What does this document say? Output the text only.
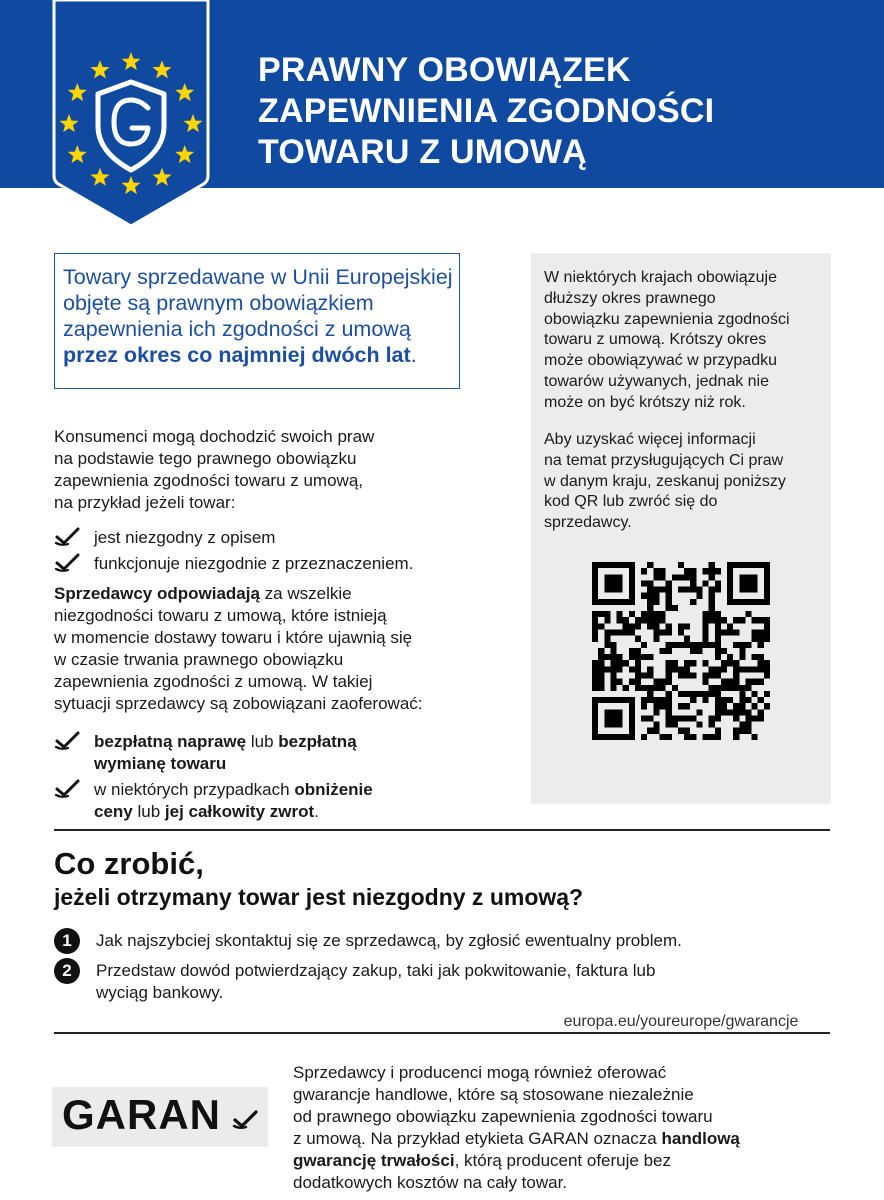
PRAWNY OBOWIĄZEK
ZAPEWNIENIA ZGODNOŚCI
TOWARU Z UMOWĄ
Towary sprzedawane w Unii Europejskiej objęte są prawnym obowiązkiem zapewnienia ich zgodności z umową przez okres co najmniej dwóch lat.
Konsumenci mogą dochodzić swoich praw
na podstawie tego prawnego obowiązku
zapewnienia zgodności towaru z umową,
na przykład jeżeli towar:
jest niezgodny z opisem
funkcjonuje niezgodnie z przeznaczeniem.
Sprzedawcy odpowiadają za wszelkie
niezgodności towaru z umową, które istnieją
w momencie dostawy towaru i które ujawnią się
w czasie trwania prawnego obowiązku
zapewnienia zgodności z umową. W takiej
sytuacji sprzedawcy są zobowiązani zaoferować:
bezpłatną naprawę lub bezpłatną
wymianę towaru
w niektórych przypadkach obniżenie
ceny lub jej całkowity zwrot.
W niektórych krajach obowiązuje
dłuższy okres prawnego
obowiązku zapewnienia zgodności
towaru z umową. Krótszy okres
może obowiązywać w przypadku
towarów używanych, jednak nie
może on być krótszy niż rok.
Aby uzyskać więcej informacji
na temat przysługujących Ci praw
w danym kraju, zeskanuj poniższy
kod QR lub zwróć się do
sprzedawcy.
europa.eu/youreurope/gwarancje
Co zrobić,
jeżeli otrzymany towar jest niezgodny z umową?
1	Jak najszybciej skontaktuj się ze sprzedawcą, by zgłosić ewentualny problem.
2	Przedstaw dowód potwierdzający zakup, taki jak pokwitowanie, faktura lub
wyciąg bankowy.
GARAN
Sprzedawcy i producenci mogą również oferować
gwarancje handlowe, które są stosowane niezależnie
od prawnego obowiązku zapewnienia zgodności towaru
z umową. Na przykład etykieta GARAN oznacza handlową
gwarancję trwałości, którą producent oferuje bez
dodatkowych kosztów na cały towar.
